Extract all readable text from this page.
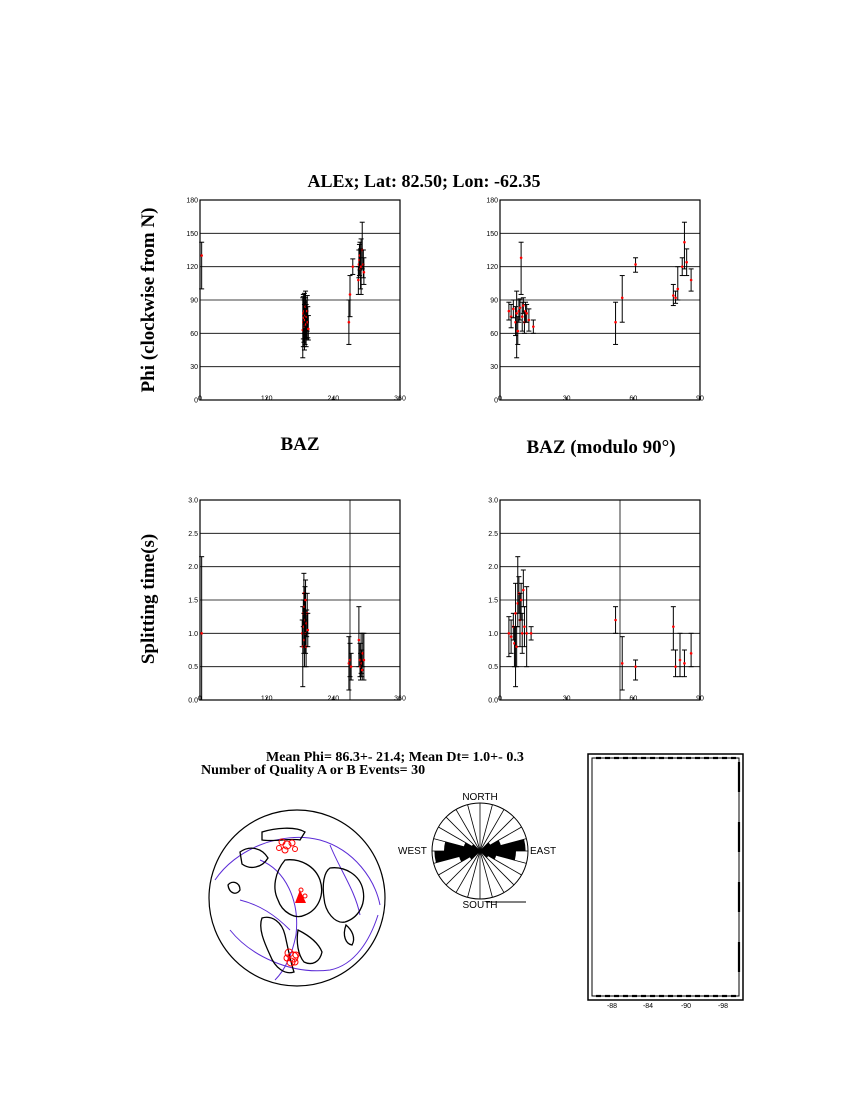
ALEx; Lat: 82.50; Lon: -62.35
Phi (clockwise from N)
Splitting time(s)
BAZ	BAZ (modulo 90°)
0
30
60
90
120
150
180
0	120	240	360	0
30
60
90
120
150
180
0	30	60	90
0.0
0.5
1.0
1.5
2.0
2.5
3.0
0	120	240	360	0.0
0.5
1.0
1.5
2.0
2.5
3.0
0	30	60	90
Mean Phi= 86.3+- 21.4; Mean Dt= 1.0+- 0.3
Number of Quality A or B Events= 30
NORTH
SOUTH
EAST
WEST
-88	-84	-90	-98
